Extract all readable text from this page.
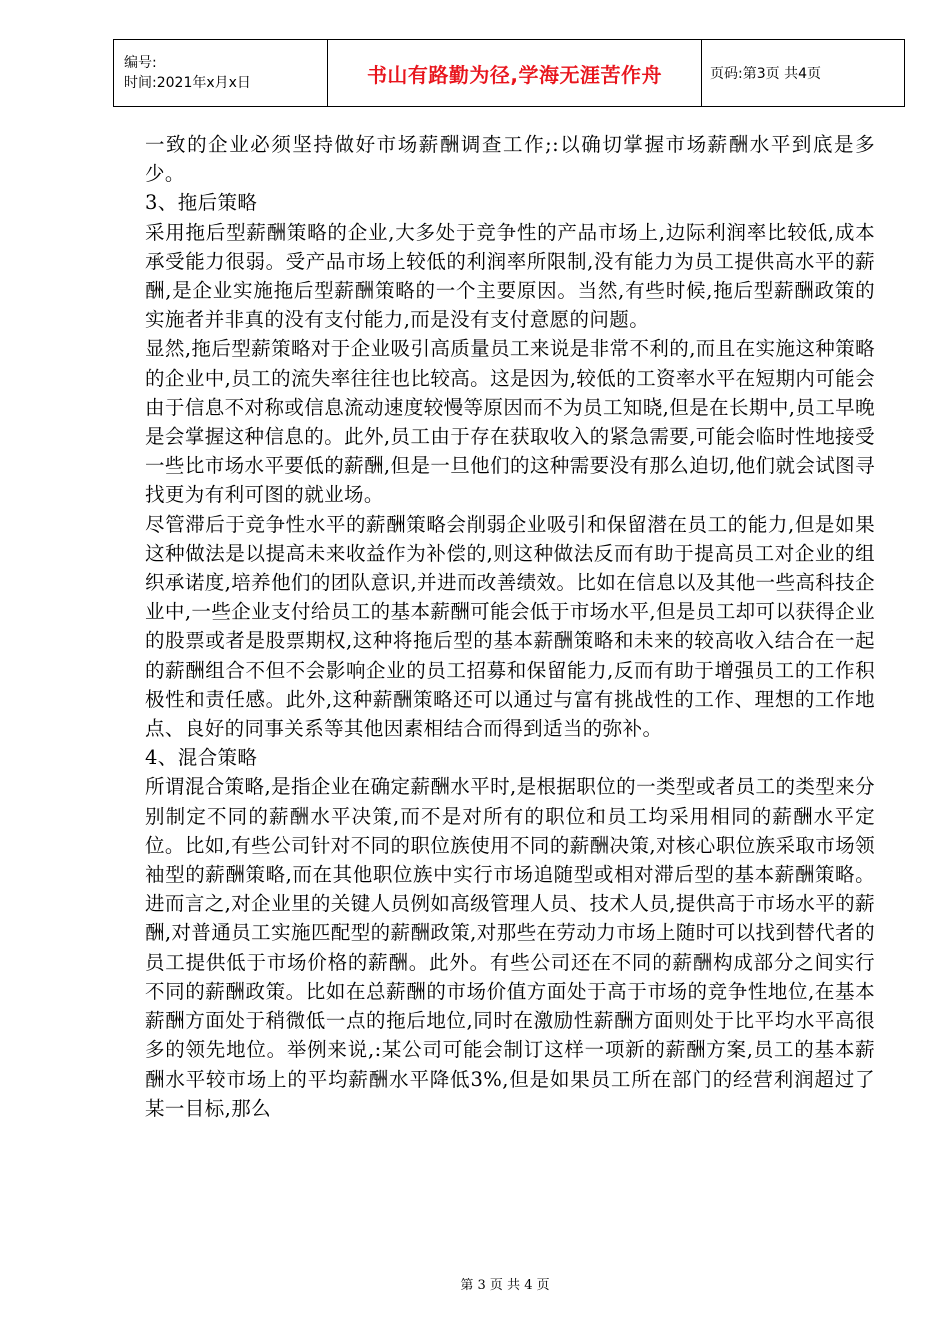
编号:
时间:2021年x月x日	书山有路勤为径,学海无涯苦作舟	页码:第3页 共4页

一致的企业必须坚持做好市场薪酬调查工作;:以确切掌握市场薪酬水平到底是多少。

3、拖后策略

采用拖后型薪酬策略的企业,大多处于竞争性的产品市场上,边际利润率比较低,成本承受能力很弱。受产品市场上较低的利润率所限制,没有能力为员工提供高水平的薪酬,是企业实施拖后型薪酬策略的一个主要原因。当然,有些时候,拖后型薪酬政策的实施者并非真的没有支付能力,而是没有支付意愿的问题。

显然,拖后型薪策略对于企业吸引高质量员工来说是非常不利的,而且在实施这种策略的企业中,员工的流失率往往也比较高。这是因为,较低的工资率水平在短期内可能会由于信息不对称或信息流动速度较慢等原因而不为员工知晓,但是在长期中,员工早晚是会掌握这种信息的。此外,员工由于存在获取收入的紧急需要,可能会临时性地接受一些比市场水平要低的薪酬,但是一旦他们的这种需要没有那么迫切,他们就会试图寻找更为有利可图的就业场。

尽管滞后于竞争性水平的薪酬策略会削弱企业吸引和保留潜在员工的能力,但是如果这种做法是以提高未来收益作为补偿的,则这种做法反而有助于提高员工对企业的组织承诺度,培养他们的团队意识,并进而改善绩效。比如在信息以及其他一些高科技企业中,一些企业支付给员工的基本薪酬可能会低于市场水平,但是员工却可以获得企业的股票或者是股票期权,这种将拖后型的基本薪酬策略和未来的较高收入结合在一起的薪酬组合不但不会影响企业的员工招募和保留能力,反而有助于增强员工的工作积极性和责任感。此外,这种薪酬策略还可以通过与富有挑战性的工作、理想的工作地点、良好的同事关系等其他因素相结合而得到适当的弥补。

4、混合策略

所谓混合策略,是指企业在确定薪酬水平时,是根据职位的一类型或者员工的类型来分别制定不同的薪酬水平决策,而不是对所有的职位和员工均采用相同的薪酬水平定位。比如,有些公司针对不同的职位族使用不同的薪酬决策,对核心职位族采取市场领袖型的薪酬策略,而在其他职位族中实行市场追随型或相对滞后型的基本薪酬策略。进而言之,对企业里的关键人员例如高级管理人员、技术人员,提供高于市场水平的薪酬,对普通员工实施匹配型的薪酬政策,对那些在劳动力市场上随时可以找到替代者的员工提供低于市场价格的薪酬。此外。有些公司还在不同的薪酬构成部分之间实行不同的薪酬政策。比如在总薪酬的市场价值方面处于高于市场的竞争性地位,在基本薪酬方面处于稍微低一点的拖后地位,同时在激励性薪酬方面则处于比平均水平高很多的领先地位。举例来说,:某公司可能会制订这样一项新的薪酬方案,员工的基本薪酬水平较市场上的平均薪酬水平降低3%,但是如果员工所在部门的经营利润超过了某一目标,那么

第 3 页 共 4 页
